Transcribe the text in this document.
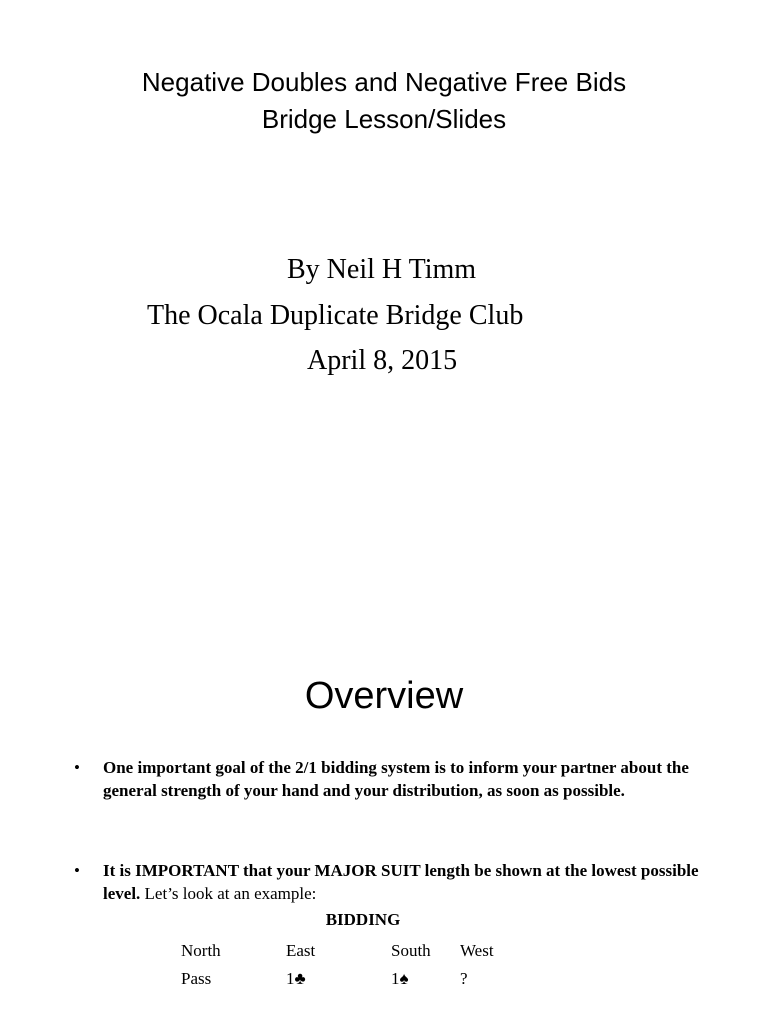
Negative Doubles and Negative Free Bids
Bridge Lesson/Slides

By Neil H Timm

The Ocala Duplicate Bridge Club

April 8, 2015

Overview
• One important goal of the 2/1 bidding system is to inform your partner about the general strength of your hand and your distribution, as soon as possible.
• It is IMPORTANT that your MAJOR SUIT length be shown at the lowest possible level. Let’s look at an example:
BIDDING
North	East	South	West
Pass	1♣	1♠	?
